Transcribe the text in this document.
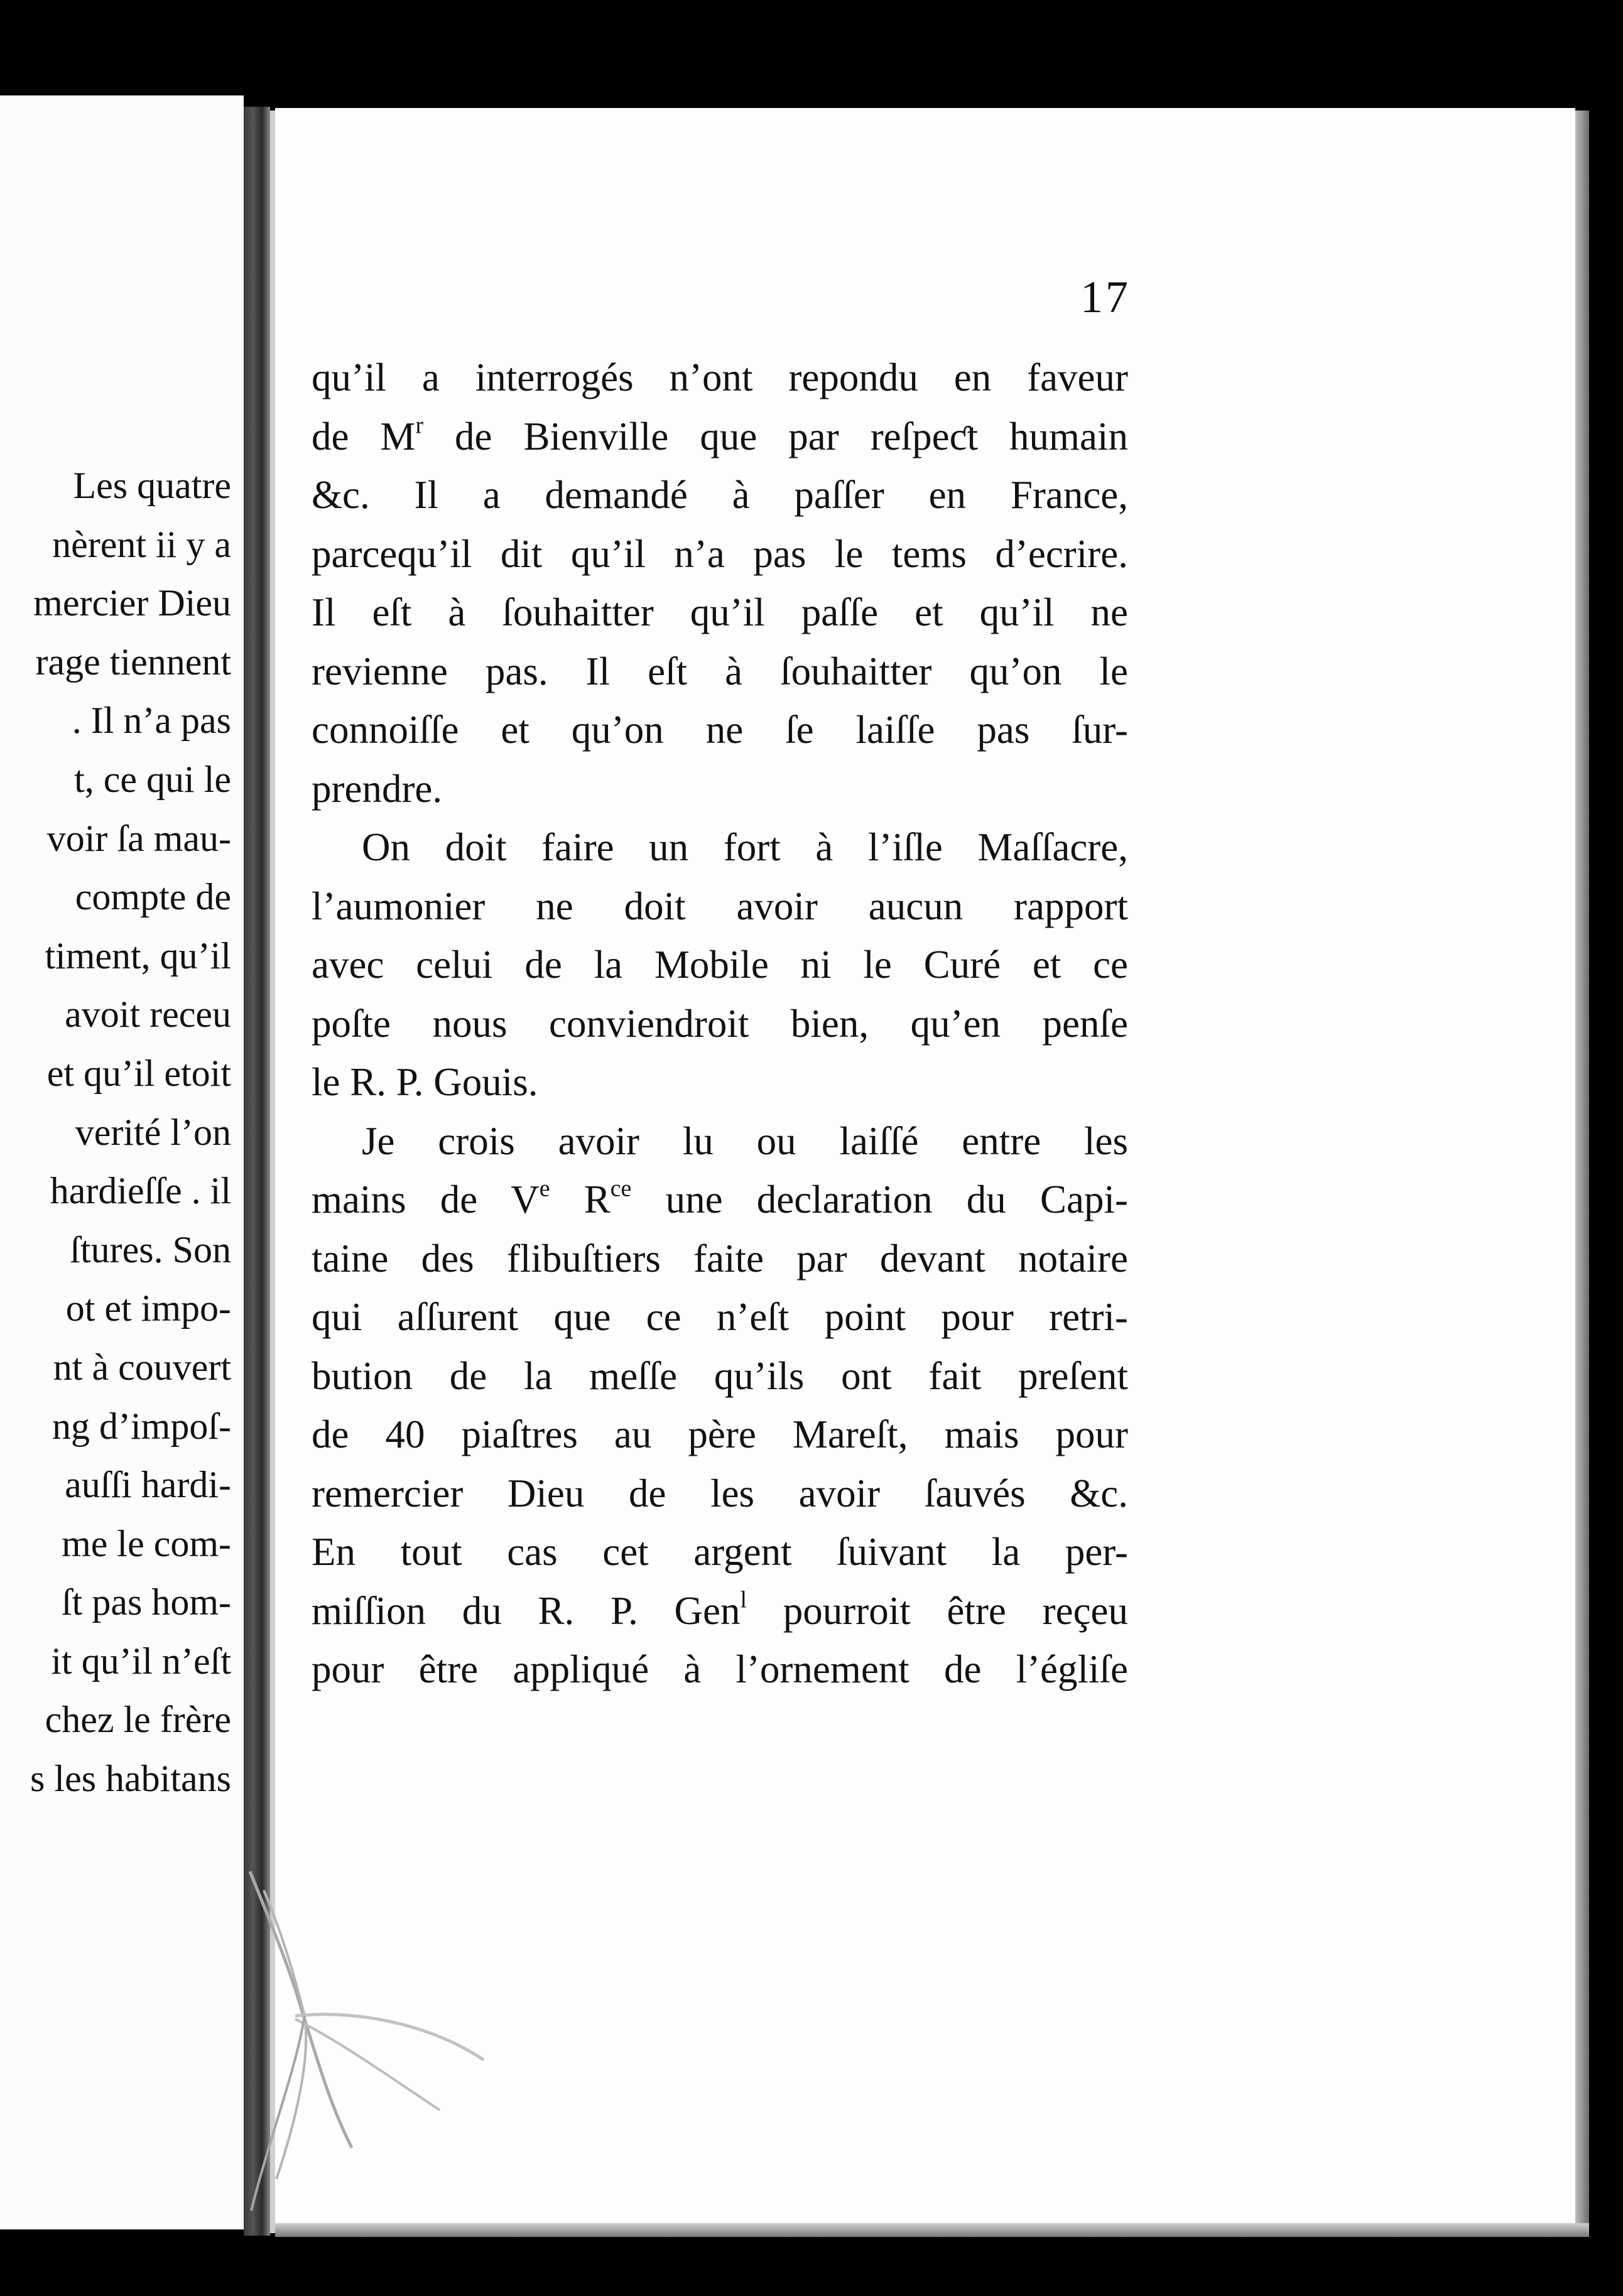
Les quatre
nèrent ii y a
mercier Dieu
rage tiennent
. Il n’a pas
t, ce qui le
voir ſa mau-
compte de
timent, qu’il
avoit receu
et qu’il etoit
verité l’on
hardieſſe . il
ſtures. Son
ot et impo-
nt à couvert
ng d’impoſ-
auſſi hardi-
me le com-
ſt pas hom-
it qu’il n’eſt
chez le frère
s les habitans
17
qu’il a interrogés n’ont repondu en faveur
de $M^r$ de Bienville que par reſpeƈt humain
&c. Il a demandé à paſſer en France,
parcequ’il dit qu’il n’a pas le tems d’ecrire.
Il eſt à ſouhaitter qu’il paſſe et qu’il ne
revienne pas. Il eſt à ſouhaitter qu’on le
connoiſſe et qu’on ne ſe laiſſe pas ſur-
prendre.
On doit faire un fort à l’iſle Maſſacre,
l’aumonier ne doit avoir aucun rapport
avec celui de la Mobile ni le Curé et ce
poſte nous conviendroit bien, qu’en penſe
le R. P. Gouis.
Je crois avoir lu ou laiſſé entre les
mains de Ve $R^{ce}$ une declaration du Capi-
taine des flibuſtiers faite par devant notaire
qui aſſurent que ce n’eſt point pour retri-
bution de la meſſe qu’ils ont fait preſent
de 40 piaſtres au père Mareſt, mais pour
remercier Dieu de les avoir ſauvés &c.
En tout cas cet argent ſuivant la per-
miſſion du R. P. Gen$^l$ pourroit être reçeu
pour être appliqué à l’ornement de l’égliſe
